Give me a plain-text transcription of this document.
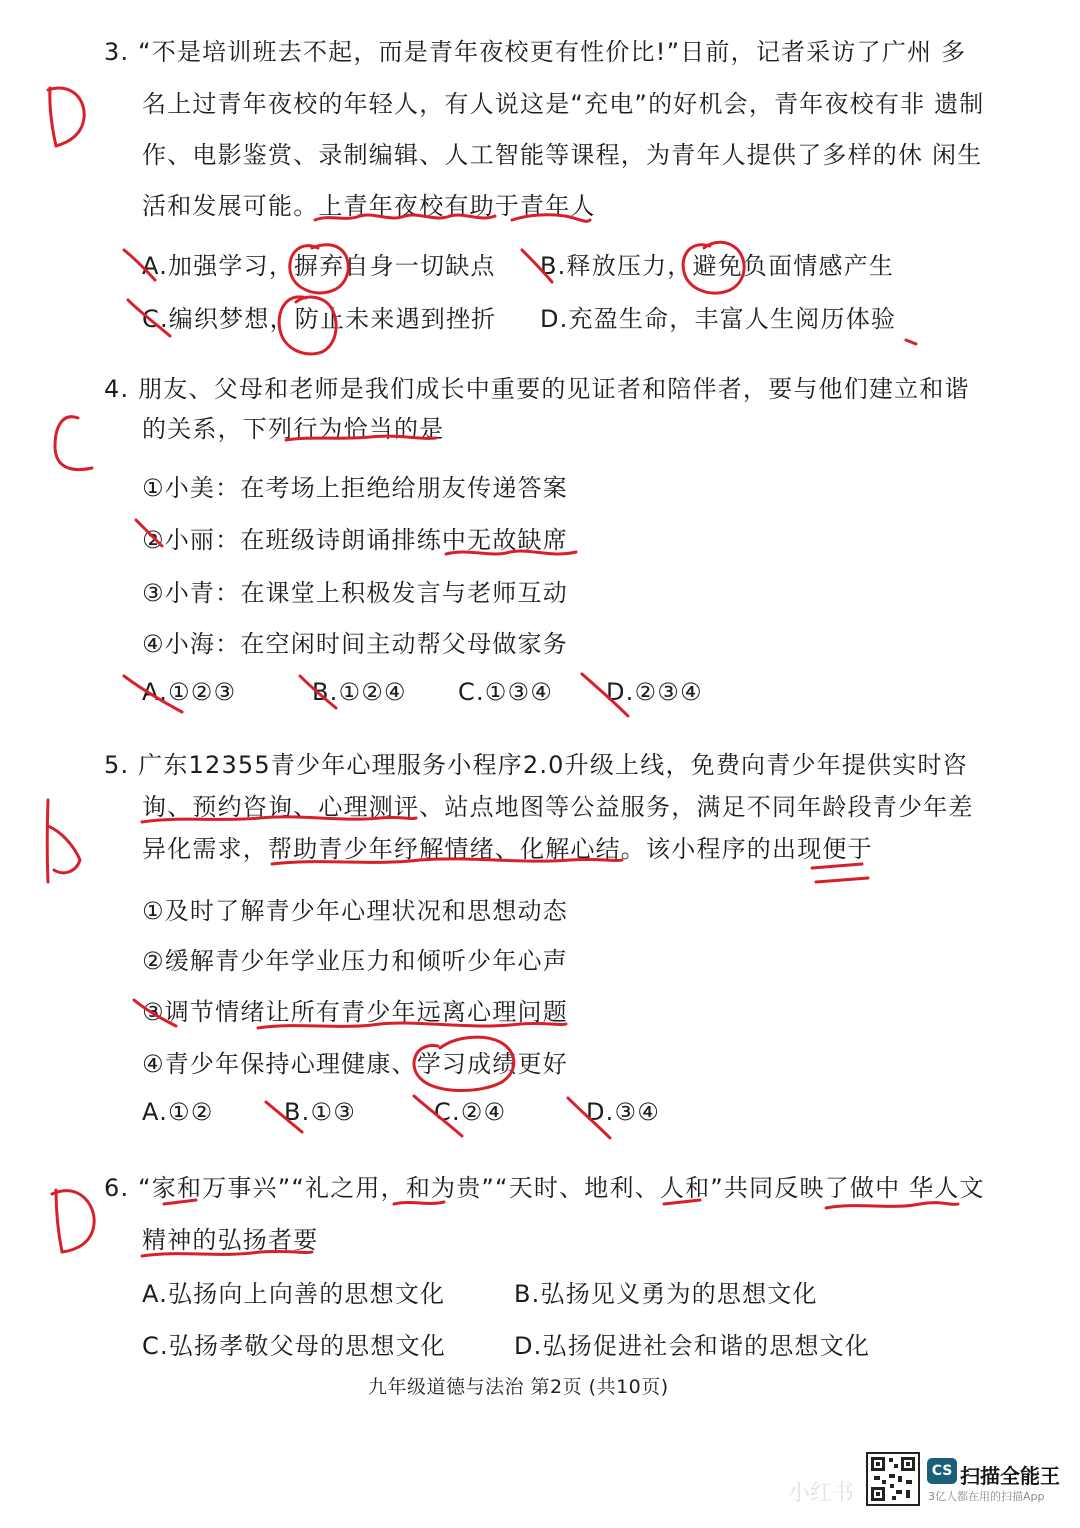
3. “不是培训班去不起，而是青年夜校更有性价比!”日前，记者采访了广州 多
名上过青年夜校的年轻人，有人说这是“充电”的好机会，青年夜校有非 遗制
作、电影鉴赏、录制编辑、人工智能等课程，为青年人提供了多样的休 闲生
活和发展可能。上青年夜校有助于青年人
A.加强学习，摒弃自身一切缺点 B.释放压力，避免负面情感产生
C.编织梦想，防止未来遇到挫折 D.充盈生命，丰富人生阅历体验
4. 朋友、父母和老师是我们成长中重要的见证者和陪伴者，要与他们建立和谐
的关系，下列行为恰当的是
①小美：在考场上拒绝给朋友传递答案
②小丽：在班级诗朗诵排练中无故缺席
③小青：在课堂上积极发言与老师互动
④小海：在空闲时间主动帮父母做家务
A.①②③	B.①②④ C.①③④ D.②③④
5. 广东12355青少年心理服务小程序2.0升级上线，免费向青少年提供实时咨
询、预约咨询、心理测评、站点地图等公益服务，满足不同年龄段青少年差
异化需求，帮助青少年纾解情绪、化解心结。该小程序的出现便于
①及时了解青少年心理状况和思想动态
②缓解青少年学业压力和倾听少年心声
③调节情绪让所有青少年远离心理问题
④青少年保持心理健康、学习成绩更好
A.①②	B.①③	C.②④	D.③④
6. “家和万事兴”“礼之用，和为贵”“天时、地利、人和”共同反映了做中 华人文
精神的弘扬者要
A.弘扬向上向善的思想文化	B.弘扬见义勇为的思想文化
C.弘扬孝敬父母的思想文化	D.弘扬促进社会和谐的思想文化
九年级道德与法治 第2页 (共10页)
小红书
CS 扫描全能王
3亿人都在用的扫描App
